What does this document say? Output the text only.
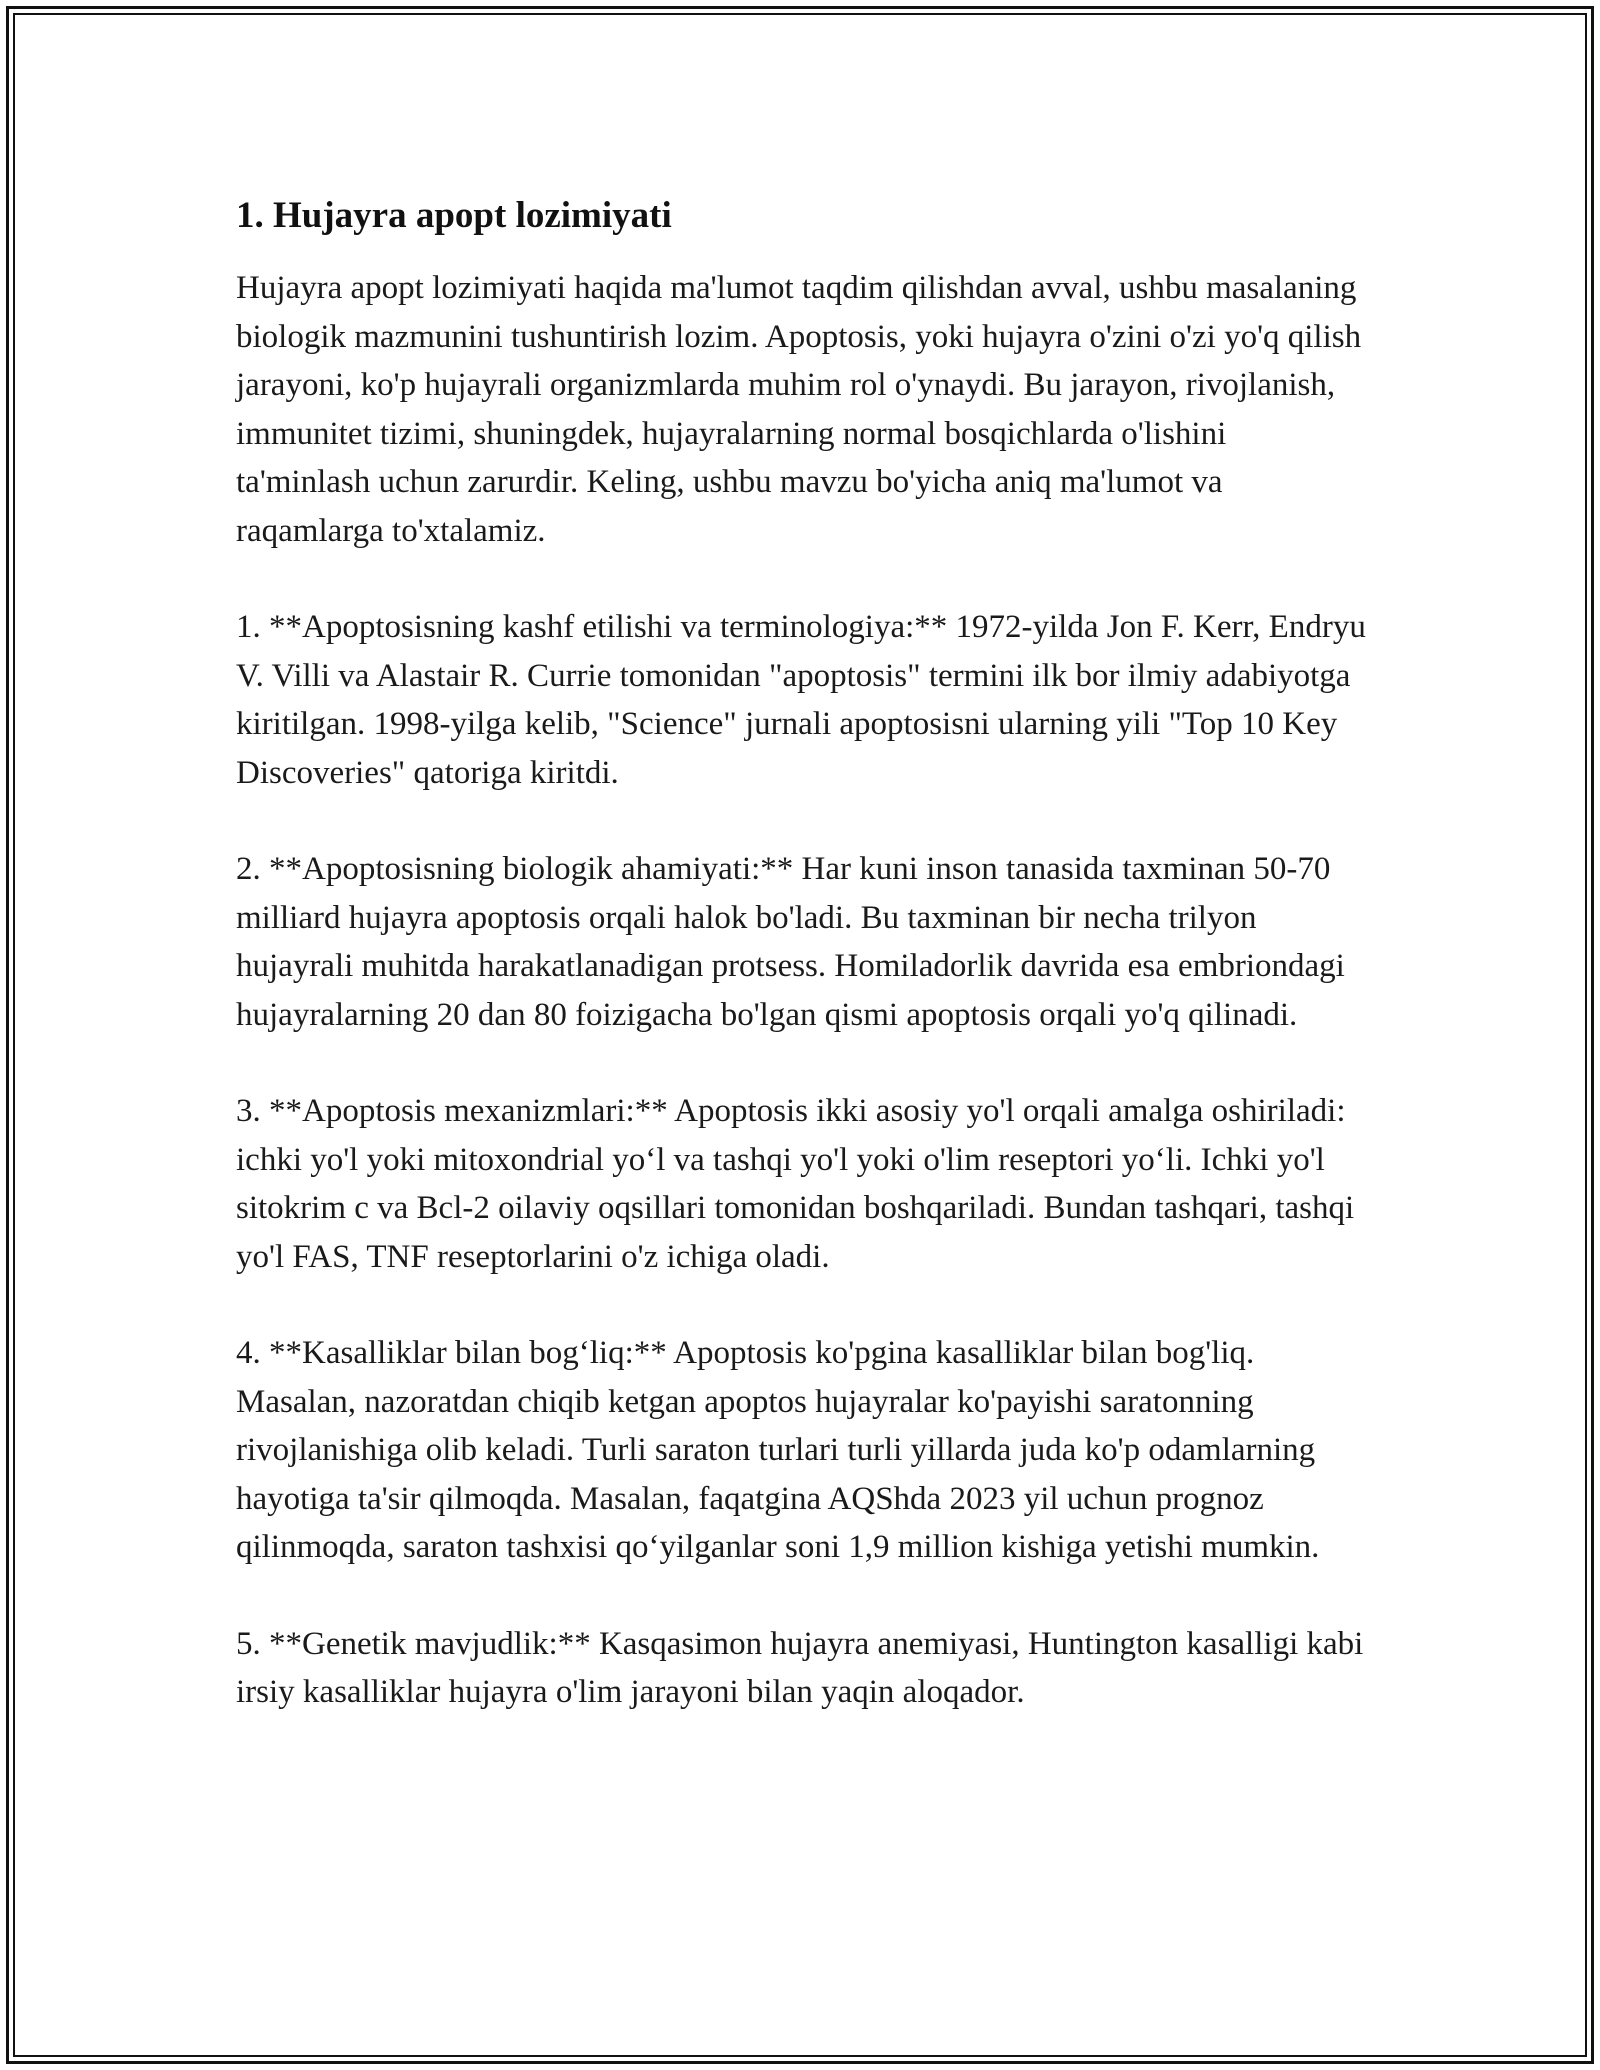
1. Hujayra apopt lozimiyati

Hujayra apopt lozimiyati haqida ma'lumot taqdim qilishdan avval, ushbu masalaning biologik mazmunini tushuntirish lozim. Apoptosis, yoki hujayra o'zini o'zi yo'q qilish jarayoni, ko'p hujayrali organizmlarda muhim rol o'ynaydi. Bu jarayon, rivojlanish, immunitet tizimi, shuningdek, hujayralarning normal bosqichlarda o'lishini ta'minlash uchun zarurdir. Keling, ushbu mavzu bo'yicha aniq ma'lumot va raqamlarga to'xtalamiz.

1. **Apoptosisning kashf etilishi va terminologiya:** 1972-yilda Jon F. Kerr, Endryu V. Villi va Alastair R. Currie tomonidan "apoptosis" termini ilk bor ilmiy adabiyotga kiritilgan. 1998-yilga kelib, "Science" jurnali apoptosisni ularning yili "Top 10 Key Discoveries" qatoriga kiritdi.

2. **Apoptosisning biologik ahamiyati:** Har kuni inson tanasida taxminan 50-70 milliard hujayra apoptosis orqali halok bo'ladi. Bu taxminan bir necha trilyon hujayrali muhitda harakatlanadigan protsess. Homiladorlik davrida esa embriondagi hujayralarning 20 dan 80 foizigacha bo'lgan qismi apoptosis orqali yo'q qilinadi.

3. **Apoptosis mexanizmlari:** Apoptosis ikki asosiy yo'l orqali amalga oshiriladi: ichki yo'l yoki mitoxondrial yo‘l va tashqi yo'l yoki o'lim reseptori yo‘li. Ichki yo'l sitokrim c va Bcl-2 oilaviy oqsillari tomonidan boshqariladi. Bundan tashqari, tashqi yo'l FAS, TNF reseptorlarini o'z ichiga oladi.

4. **Kasalliklar bilan bog‘liq:** Apoptosis ko'pgina kasalliklar bilan bog'liq. Masalan, nazoratdan chiqib ketgan apoptos hujayralar ko'payishi saratonning rivojlanishiga olib keladi. Turli saraton turlari turli yillarda juda ko'p odamlarning hayotiga ta'sir qilmoqda. Masalan, faqatgina AQShda 2023 yil uchun prognoz qilinmoqda, saraton tashxisi qo‘yilganlar soni 1,9 million kishiga yetishi mumkin.

5. **Genetik mavjudlik:** Kasqasimon hujayra anemiyasi, Huntington kasalligi kabi irsiy kasalliklar hujayra o'lim jarayoni bilan yaqin aloqador.
